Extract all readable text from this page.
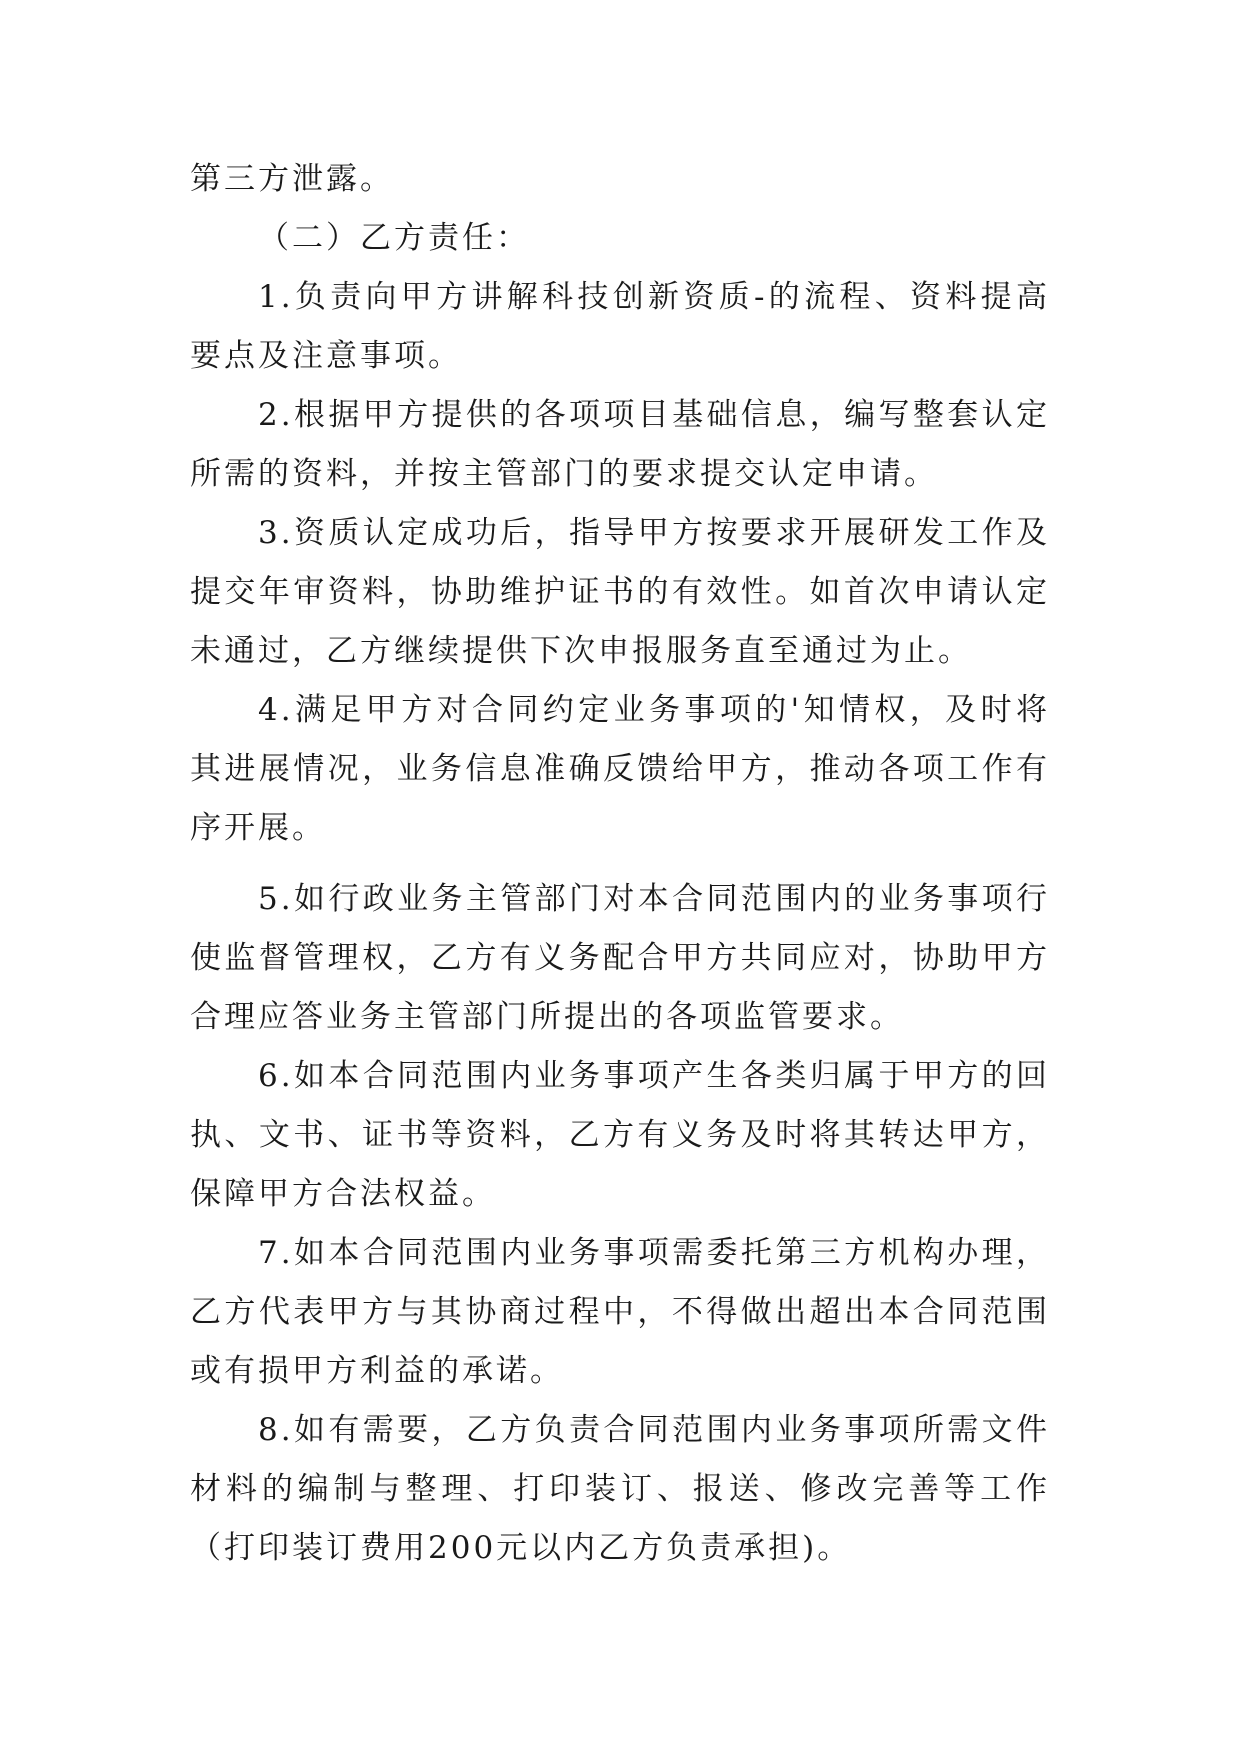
第三方泄露。

（二）乙方责任：

1.负责向甲方讲解科技创新资质-的流程、资料提高要点及注意事项。

2.根据甲方提供的各项项目基础信息，编写整套认定所需的资料，并按主管部门的要求提交认定申请。

3.资质认定成功后，指导甲方按要求开展研发工作及提交年审资料，协助维护证书的有效性。如首次申请认定未通过，乙方继续提供下次申报服务直至通过为止。

4.满足甲方对合同约定业务事项的'知情权，及时将其进展情况，业务信息准确反馈给甲方，推动各项工作有序开展。

5.如行政业务主管部门对本合同范围内的业务事项行使监督管理权，乙方有义务配合甲方共同应对，协助甲方合理应答业务主管部门所提出的各项监管要求。

6.如本合同范围内业务事项产生各类归属于甲方的回执、文书、证书等资料，乙方有义务及时将其转达甲方，保障甲方合法权益。

7.如本合同范围内业务事项需委托第三方机构办理，乙方代表甲方与其协商过程中，不得做出超出本合同范围或有损甲方利益的承诺。

8.如有需要，乙方负责合同范围内业务事项所需文件材料的编制与整理、打印装订、报送、修改完善等工作（打印装订费用200元以内乙方负责承担)。
